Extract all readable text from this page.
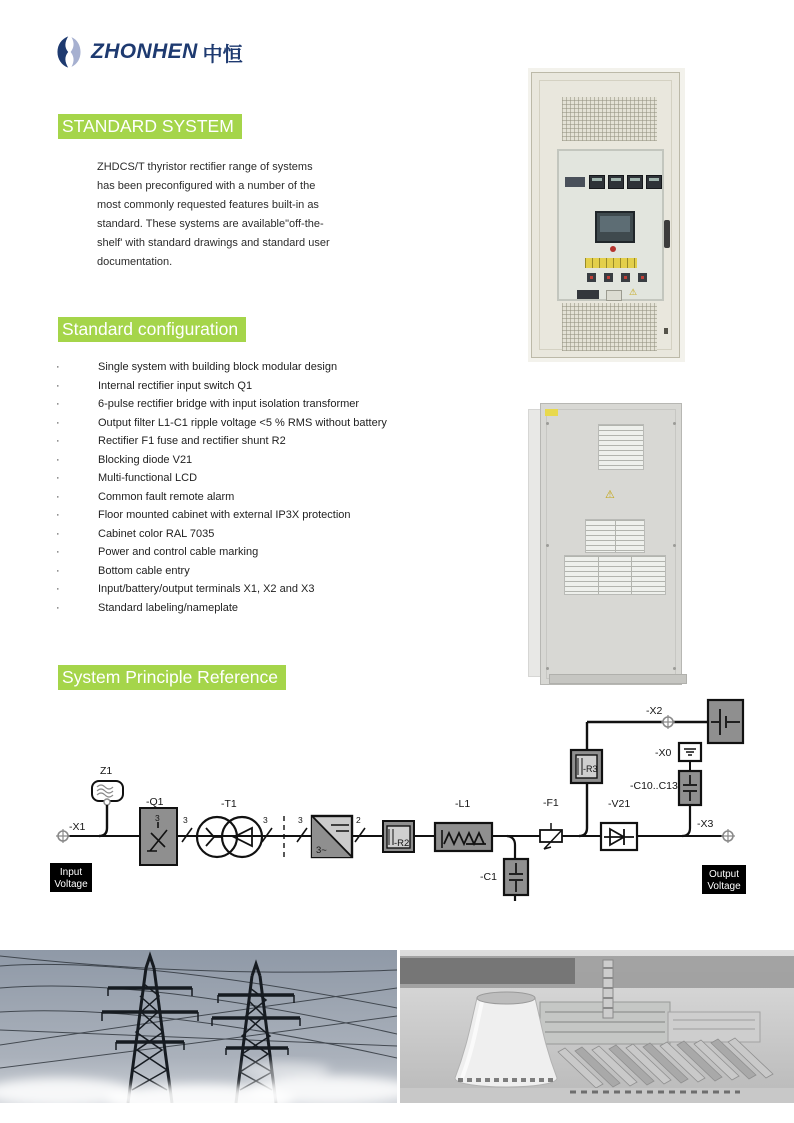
ZHONHEN 中恒
STANDARD SYSTEM
Standard configuration
System Principle Reference
ZHDCS/T thyristor rectifier range of systems has been preconfigured with a number of the most commonly requested features built-in as standard. These systems are available"off-the-shelf' with standard drawings and standard user documentation.
·	Single system with building block modular design
·	Internal rectifier input switch Q1
·	6-pulse rectifier bridge with input isolation transformer
·	Output filter L1-C1 ripple voltage <5 % RMS without battery
·	Rectifier F1 fuse and rectifier shunt R2
·	Blocking diode V21
·	Multi-functional LCD
·	Common fault remote alarm
·	Floor mounted cabinet with external IP3X protection
·	Cabinet color RAL 7035
·	Power and control cable marking
·	Bottom cable entry
·	Input/battery/output terminals X1, X2 and X3
·	Standard labeling/nameplate
Z1
-X1
Input
Voltage
3
-Q1
3
-T1
3	3
3~
2
-R2
-L1
-C1
-F1
-R3
-V21
-X2
-X0
-C10..C13
-X3
Output
Voltage
⚠
⚠
